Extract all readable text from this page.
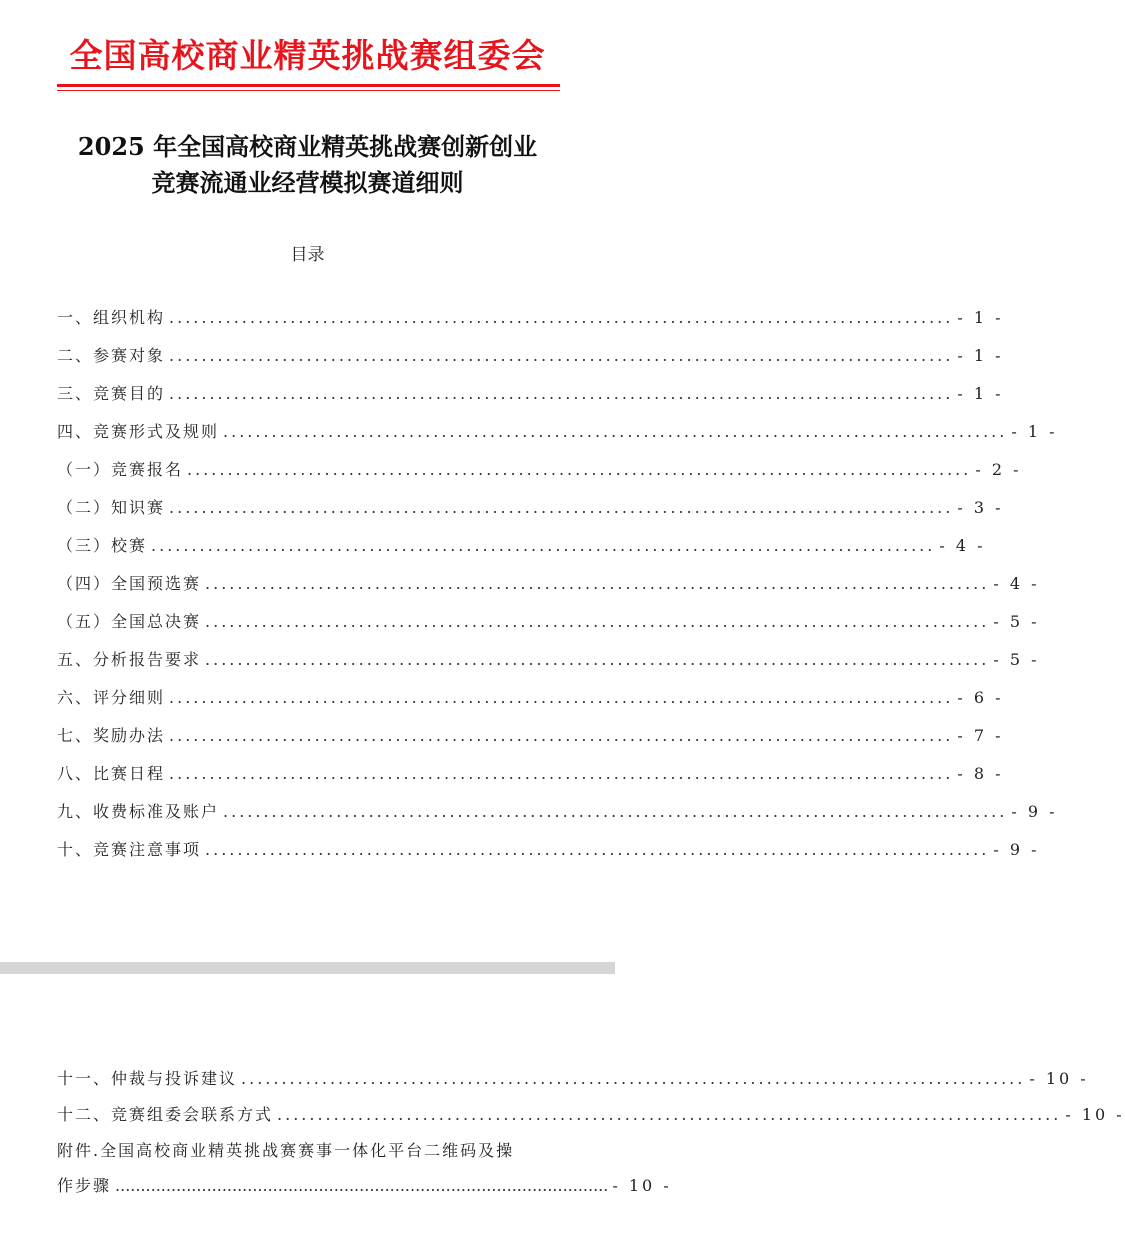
全国高校商业精英挑战赛组委会
2025 年全国高校商业精英挑战赛创新创业
竞赛流通业经营模拟赛道细则
目录
一、组织机构 ................................................................................................. - 1 -
二、参赛对象 ................................................................................................. - 1 -
三、竞赛目的 ................................................................................................. - 1 -
四、竞赛形式及规则 ................................................................................................. - 1 -
（一）竞赛报名 ................................................................................................. - 2 -
（二）知识赛 ................................................................................................. - 3 -
（三）校赛 ................................................................................................. - 4 -
（四）全国预选赛 ................................................................................................. - 4 -
（五）全国总决赛 ................................................................................................. - 5 -
五、分析报告要求 ................................................................................................. - 5 -
六、评分细则 ................................................................................................. - 6 -
七、奖励办法 ................................................................................................. - 7 -
八、比赛日程 ................................................................................................. - 8 -
九、收费标准及账户 ................................................................................................. - 9 -
十、竞赛注意事项 ................................................................................................. - 9 -
十一、仲裁与投诉建议 ................................................................................................. - 10 -
十二、竞赛组委会联系方式 ................................................................................................. - 10 -
附件.全国高校商业精英挑战赛赛事一体化平台二维码及操
作步骤 ................................................................................................. - 10 -
